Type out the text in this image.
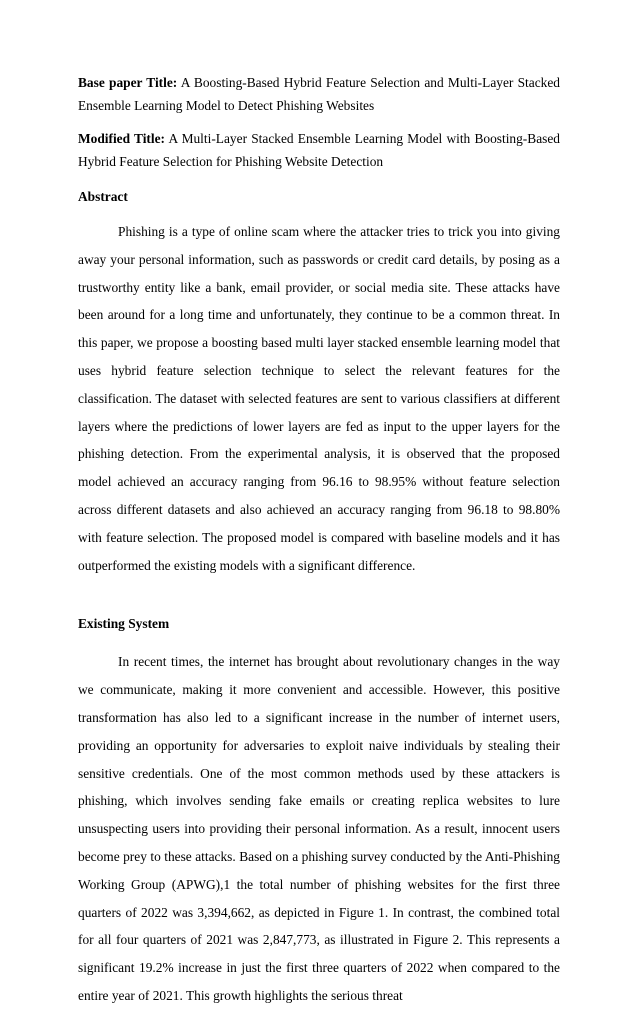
Base paper Title: A Boosting-Based Hybrid Feature Selection and Multi-Layer Stacked Ensemble Learning Model to Detect Phishing Websites

Modified Title: A Multi-Layer Stacked Ensemble Learning Model with Boosting-Based Hybrid Feature Selection for Phishing Website Detection

Abstract

Phishing is a type of online scam where the attacker tries to trick you into giving away your personal information, such as passwords or credit card details, by posing as a trustworthy entity like a bank, email provider, or social media site. These attacks have been around for a long time and unfortunately, they continue to be a common threat. In this paper, we propose a boosting based multi layer stacked ensemble learning model that uses hybrid feature selection technique to select the relevant features for the classification. The dataset with selected features are sent to various classifiers at different layers where the predictions of lower layers are fed as input to the upper layers for the phishing detection. From the experimental analysis, it is observed that the proposed model achieved an accuracy ranging from 96.16 to 98.95% without feature selection across different datasets and also achieved an accuracy ranging from 96.18 to 98.80% with feature selection. The proposed model is compared with baseline models and it has outperformed the existing models with a significant difference.

Existing System

In recent times, the internet has brought about revolutionary changes in the way we communicate, making it more convenient and accessible. However, this positive transformation has also led to a significant increase in the number of internet users, providing an opportunity for adversaries to exploit naive individuals by stealing their sensitive credentials. One of the most common methods used by these attackers is phishing, which involves sending fake emails or creating replica websites to lure unsuspecting users into providing their personal information. As a result, innocent users become prey to these attacks. Based on a phishing survey conducted by the Anti-Phishing Working Group (APWG),1 the total number of phishing websites for the first three quarters of 2022 was 3,394,662, as depicted in Figure 1. In contrast, the combined total for all four quarters of 2021 was 2,847,773, as illustrated in Figure 2. This represents a significant 19.2% increase in just the first three quarters of 2022 when compared to the entire year of 2021. This growth highlights the serious threat
